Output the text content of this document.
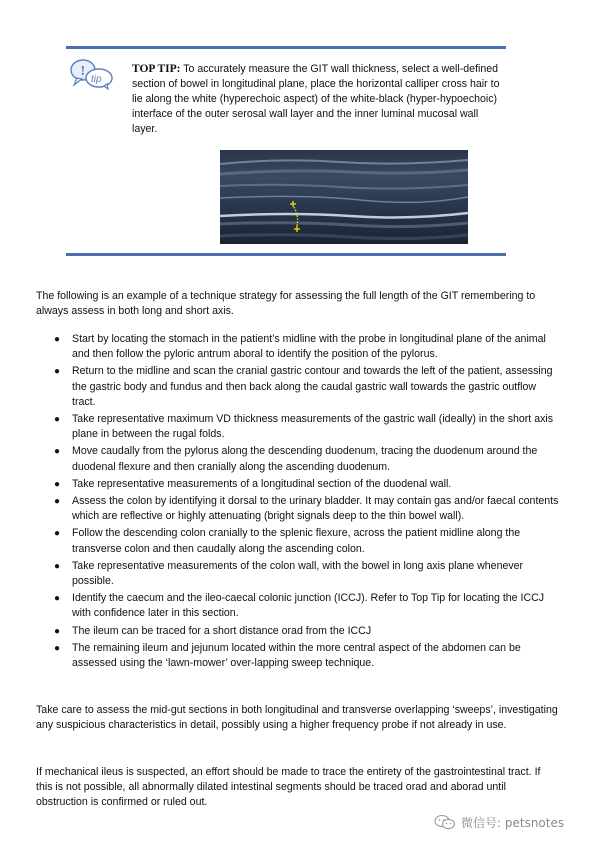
!
tip
TOP TIP: To accurately measure the GIT wall thickness, select a well-defined section of bowel in longitudinal plane, place the horizontal calliper cross hair to lie along the white (hyperechoic aspect) of the white-black (hyper-hypoechoic) interface of the outer serosal wall layer and the inner luminal mucosal wall layer.
The following is an example of a technique strategy for assessing the full length of the GIT remembering to always assess in both long and short axis.
● Start by locating the stomach in the patient’s midline with the probe in longitudinal plane of the animal and then follow the pyloric antrum aboral to identify the position of the pylorus.
● Return to the midline and scan the cranial gastric contour and towards the left of the patient, assessing the gastric body and fundus and then back along the caudal gastric wall towards the gastric outflow tract.
● Take representative maximum VD thickness measurements of the gastric wall (ideally) in the short axis plane in between the rugal folds.
● Move caudally from the pylorus along the descending duodenum, tracing the duodenum around the duodenal flexure and then cranially along the ascending duodenum.
● Take representative measurements of a longitudinal section of the duodenal wall.
● Assess the colon by identifying it dorsal to the urinary bladder. It may contain gas and/or faecal contents which are reflective or highly attenuating (bright signals deep to the thin bowel wall).
● Follow the descending colon cranially to the splenic flexure, across the patient midline along the transverse colon and then caudally along the ascending colon.
● Take representative measurements of the colon wall, with the bowel in long axis plane whenever possible.
● Identify the caecum and the ileo-caecal colonic junction (ICCJ). Refer to Top Tip for locating the ICCJ with confidence later in this section.
● The ileum can be traced for a short distance orad from the ICCJ
● The remaining ileum and jejunum located within the more central aspect of the abdomen can be assessed using the ‘lawn-mower’ over-lapping sweep technique.
Take care to assess the mid-gut sections in both longitudinal and transverse overlapping ‘sweeps’, investigating any suspicious characteristics in detail, possibly using a higher frequency probe if not already in use.
If mechanical ileus is suspected, an effort should be made to trace the entirety of the gastrointestinal tract. If this is not possible, all abnormally dilated intestinal segments should be traced orad and aborad until obstruction is confirmed or ruled out.
微信号: petsnotes
